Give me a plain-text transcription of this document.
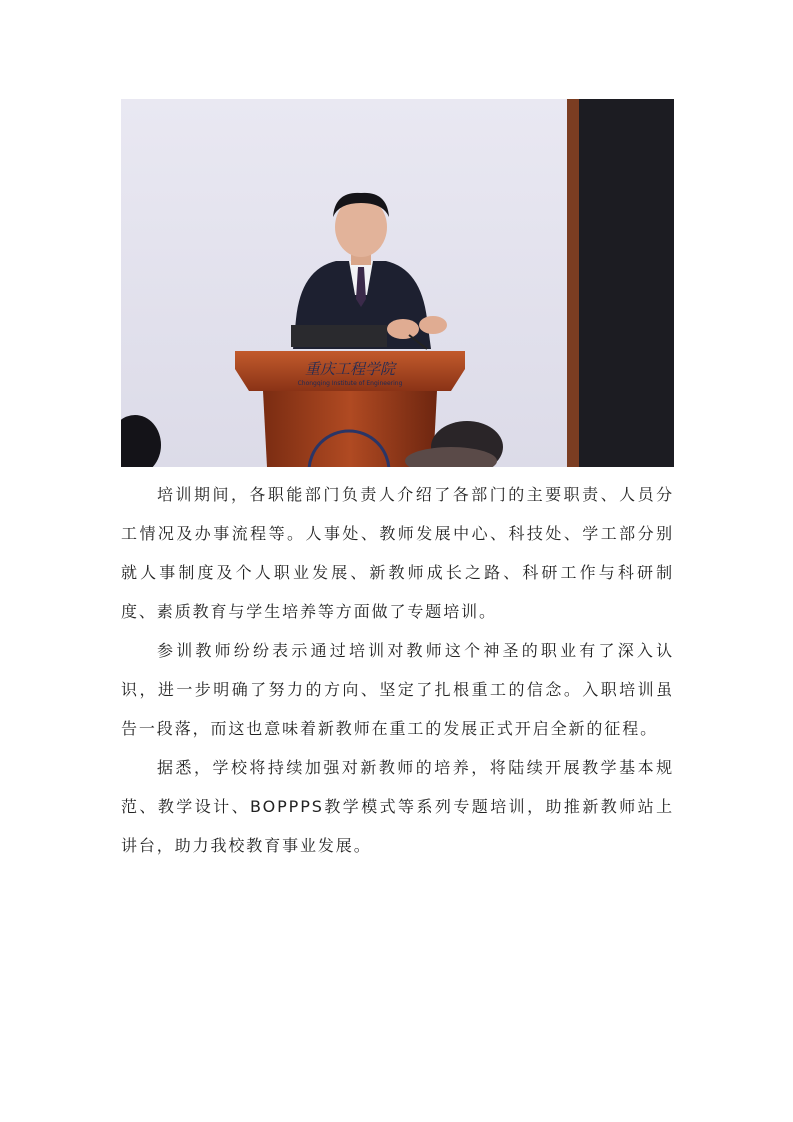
重庆工程学院
Chongqing Institute of Engineering

培训期间，各职能部门负责人介绍了各部门的主要职责、人员分工情况及办事流程等。人事处、教师发展中心、科技处、学工部分别就人事制度及个人职业发展、新教师成长之路、科研工作与科研制度、素质教育与学生培养等方面做了专题培训。

参训教师纷纷表示通过培训对教师这个神圣的职业有了深入认识，进一步明确了努力的方向、坚定了扎根重工的信念。入职培训虽告一段落，而这也意味着新教师在重工的发展正式开启全新的征程。

据悉，学校将持续加强对新教师的培养，将陆续开展教学基本规范、教学设计、BOPPPS教学模式等系列专题培训，助推新教师站上讲台，助力我校教育事业发展。
